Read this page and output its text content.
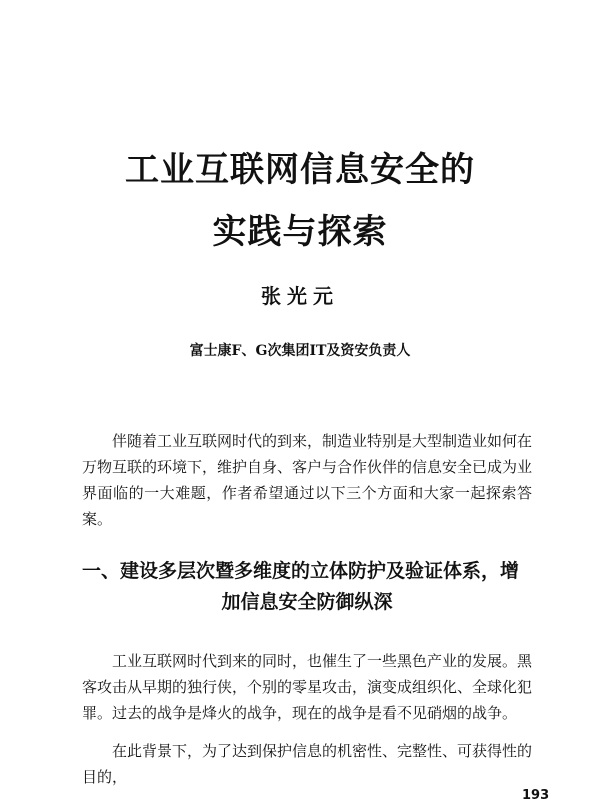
工业互联网信息安全的
实践与探索
张光元
富士康F、G次集团IT及资安负责人

伴随着工业互联网时代的到来，制造业特别是大型制造业如何在万物互联的环境下，维护自身、客户与合作伙伴的信息安全已成为业界面临的一大难题，作者希望通过以下三个方面和大家一起探索答案。

一、建设多层次暨多维度的立体防护及验证体系，增
加信息安全防御纵深

工业互联网时代到来的同时，也催生了一些黑色产业的发展。黑客攻击从早期的独行侠，个别的零星攻击，演变成组织化、全球化犯罪。过去的战争是烽火的战争，现在的战争是看不见硝烟的战争。

在此背景下，为了达到保护信息的机密性、完整性、可获得性的目的，

193
